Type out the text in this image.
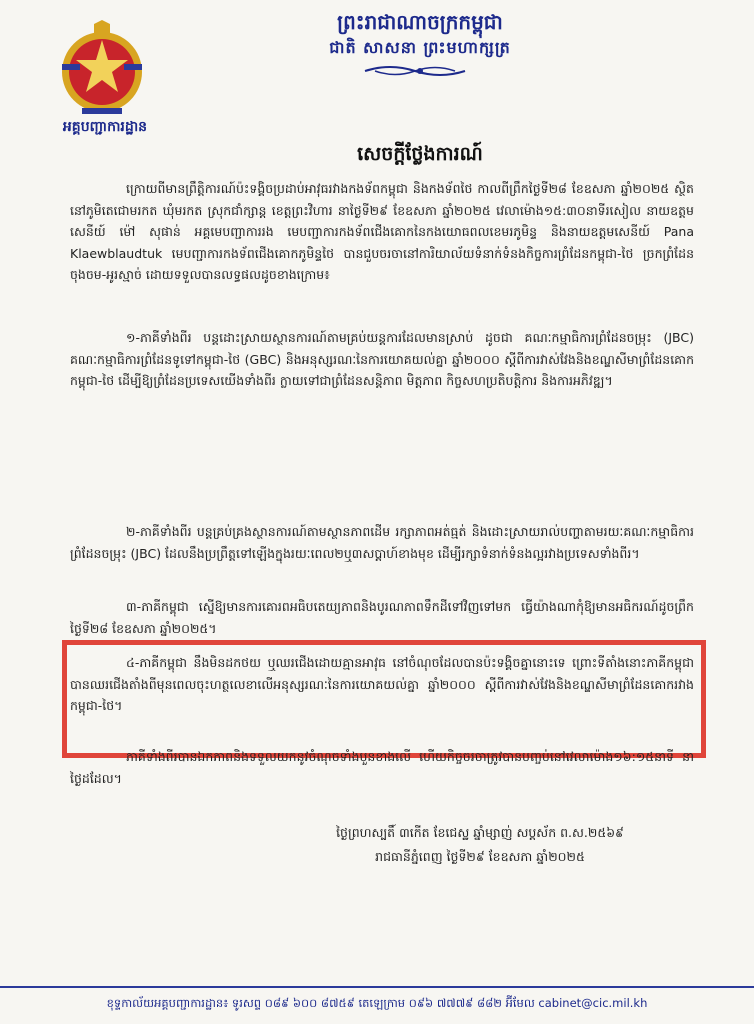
អគ្គបញ្ជាការដ្ឋាន
ព្រះរាជាណាចក្រកម្ពុជា
ជាតិ សាសនា ព្រះមហាក្សត្រ
សេចក្តីថ្លែងការណ៍

ក្រោយពីមានព្រឹត្តិការណ៍ប៉ះទង្គិចប្រដាប់អាវុធរវាងកងទ័ពកម្ពុជា និងកងទ័ពថៃ កាលពីព្រឹកថ្ងៃទី២៨ ខែឧសភា ឆ្នាំ២០២៥ ស្ថិតនៅភូមិតេជោមរកត ឃុំមរកត ស្រុកជាំក្សាន្ត ខេត្តព្រះវិហារ នាថ្ងៃទី២៩ ខែឧសភា ឆ្នាំ២០២៥ វេលាម៉ោង១៥:៣០នាទីរសៀល នាយឧត្តមសេនីយ៍ ម៉ៅ សុផាន់ អគ្គមេបញ្ជាការរង មេបញ្ជាការកងទ័ពជើងគោកនៃកងយោធពលខេមរភូមិន្ទ និងនាយឧត្តមសេនីយ៍ Pana Klaewblaudtuk មេបញ្ជាការកងទ័ពជើងគោកភូមិន្ទថៃ បានជួបចរចានៅការិយាល័យទំនាក់ទំនងកិច្ចការព្រំដែនកម្ពុជា-ថៃ ច្រកព្រំដែនចុងចម-អូរស្មាច់ ដោយទទួលបានលទ្ធផលដូចខាងក្រោម៖

១-ភាគីទាំងពីរ បន្តដោះស្រាយស្ថានការណ៍តាមគ្រប់យន្តការដែលមានស្រាប់ ដូចជា គណៈកម្មាធិការព្រំដែនចម្រុះ (JBC) គណៈកម្មាធិការព្រំដែនទូទៅកម្ពុជា-ថៃ (GBC) និងអនុស្សរណៈនៃការយោគយល់គ្នា ឆ្នាំ២០០០ ស្តីពីការវាស់វែងនិងខណ្ឌសីមាព្រំដែនគោកកម្ពុជា-ថៃ ដើម្បីឱ្យព្រំដែនប្រទេសយើងទាំងពីរ ក្លាយទៅជាព្រំដែនសន្តិភាព មិត្តភាព កិច្ចសហប្រតិបត្តិការ និងការអភិវឌ្ឍ។

២-ភាគីទាំងពីរ បន្តគ្រប់គ្រងស្ថានការណ៍តាមស្ថានភាពដើម រក្សាភាពអត់ធ្មត់ និងដោះស្រាយរាល់បញ្ហាតាមរយៈគណៈកម្មាធិការព្រំដែនចម្រុះ (JBC) ដែលនឹងប្រព្រឹត្តទៅឡើងក្នុងរយៈពេល២ឬ៣សប្តាហ៍ខាងមុខ ដើម្បីរក្សាទំនាក់ទំនងល្អរវាងប្រទេសទាំងពីរ។

៣-ភាគីកម្ពុជា ស្នើឱ្យមានការគោរពអធិបតេយ្យភាពនិងបូរណភាពទឹកដីទៅវិញទៅមក ធ្វើយ៉ាងណាកុំឱ្យមានអធិករណ៍ដូចព្រឹកថ្ងៃទី២៨ ខែឧសភា ឆ្នាំ២០២៥។

៤-ភាគីកម្ពុជា នឹងមិនដកថយ ឬឈរជើងដោយគ្មានអាវុធ នៅចំណុចដែលបានប៉ះទង្គិចគ្នានោះទេ ព្រោះទីតាំងនោះភាគីកម្ពុជាបានឈរជើងតាំងពីមុនពេលចុះហត្ថលេខាលើអនុស្សរណៈនៃការយោគយល់គ្នា ឆ្នាំ២០០០ ស្តីពីការវាស់វែងនិងខណ្ឌសីមាព្រំដែនគោករវាងកម្ពុជា-ថៃ។

ភាគីទាំងពីរបានឯកភាពនិងទទួលយកនូវចំណុចទាំងបួនខាងលើ ហើយកិច្ចចរចាត្រូវបានបញ្ចប់នៅវេលាម៉ោង១៦:១៥នាទី នាថ្ងៃដដែល។

ថ្ងៃព្រហស្បតិ៍ ៣កើត ខែជេស្ឋ ឆ្នាំម្សាញ់ សប្តស័ក ព.ស.២៥៦៩
រាជធានីភ្នំពេញ ថ្ងៃទី២៩ ខែឧសភា ឆ្នាំ២០២៥
ខុទ្ទកាល័យអគ្គបញ្ជាការដ្ឋាន៖ ទូរសព្ទ ០៨៩ ៦០០ ៨៧៥៩ តេឡេក្រាម ០៩៦ ៧៧៧៩ ៨៨២ អ៊ីមែល cabinet@cic.mil.kh
